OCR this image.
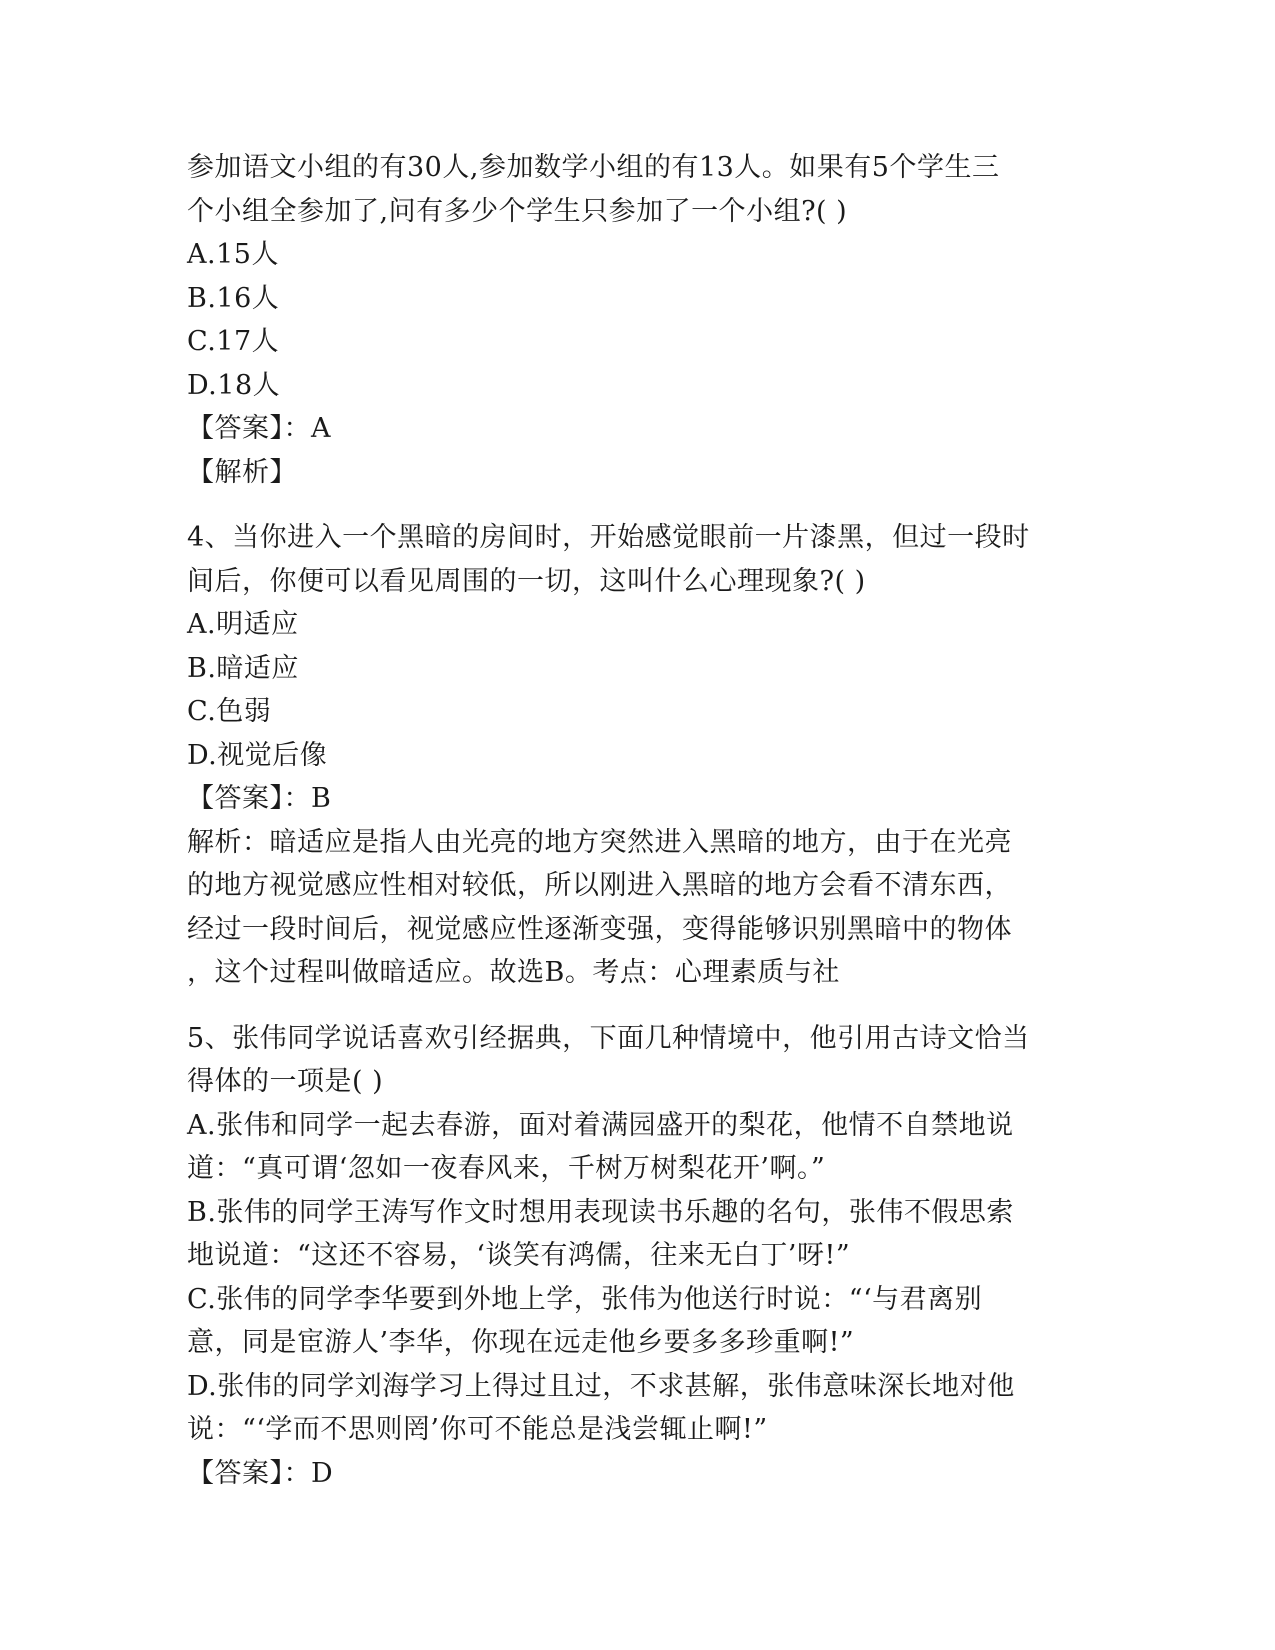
参加语文小组的有30人,参加数学小组的有13人。如果有5个学生三
个小组全参加了,问有多少个学生只参加了一个小组?( )
A.15人
B.16人
C.17人
D.18人
【答案】：A
【解析】
4、当你进入一个黑暗的房间时，开始感觉眼前一片漆黑，但过一段时
间后，你便可以看见周围的一切，这叫什么心理现象?( )
A.明适应
B.暗适应
C.色弱
D.视觉后像
【答案】：B
解析：暗适应是指人由光亮的地方突然进入黑暗的地方，由于在光亮
的地方视觉感应性相对较低，所以刚进入黑暗的地方会看不清东西，
经过一段时间后，视觉感应性逐渐变强，变得能够识别黑暗中的物体
，这个过程叫做暗适应。故选B。考点：心理素质与社
5、张伟同学说话喜欢引经据典，下面几种情境中，他引用古诗文恰当
得体的一项是( )
A.张伟和同学一起去春游，面对着满园盛开的梨花，他情不自禁地说
道：“真可谓‘忽如一夜春风来，千树万树梨花开’啊。”
B.张伟的同学王涛写作文时想用表现读书乐趣的名句，张伟不假思索
地说道：“这还不容易，‘谈笑有鸿儒，往来无白丁’呀!”
C.张伟的同学李华要到外地上学，张伟为他送行时说：“‘与君离别
意，同是宦游人’李华，你现在远走他乡要多多珍重啊!”
D.张伟的同学刘海学习上得过且过，不求甚解，张伟意味深长地对他
说：“‘学而不思则罔’你可不能总是浅尝辄止啊!”
【答案】：D
